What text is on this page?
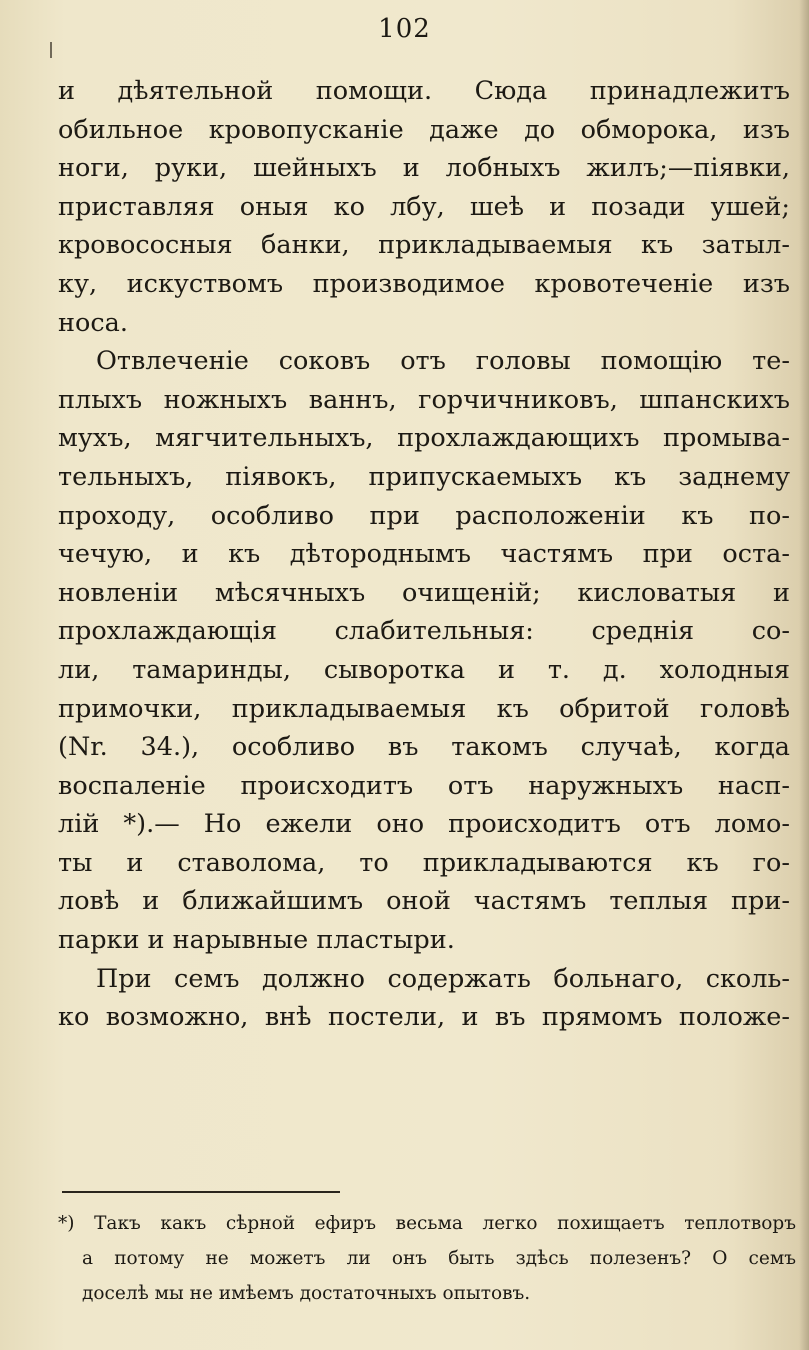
102
и дѣятельной помощи. Сюда принадлежитъ
обильное кровопусканіе даже до обморока, изъ
ноги, руки, шейныхъ и лобныхъ жилъ;—піявки,
приставляя оныя ко лбу, шеѣ и позади ушей;
кровососныя банки, прикладываемыя къ затыл-
ку, искуствомъ производимое кровотеченіе изъ
носа.
Отвлеченіе соковъ отъ головы помощію те-
плыхъ ножныхъ ваннъ, горчичниковъ, шпанскихъ
мухъ, мягчительныхъ, прохлаждающихъ промыва-
тельныхъ, піявокъ, припускаемыхъ къ заднему
проходу, особливо при расположеніи къ по-
чечую, и къ дѣтороднымъ частямъ при оста-
новленіи мѣсячныхъ очищеній; кисловатыя и
прохлаждающія слабительныя: среднія со-
ли, тамаринды, сыворотка и т. д. холодныя
примочки, прикладываемыя къ обритой головѣ
(Nr. 34.), особливо въ такомъ случаѣ, когда
воспаленіе происходитъ отъ наружныхъ насп-
лій *).— Но ежели оно происходитъ отъ ломо-
ты и ставолома, то прикладываются къ го-
ловѣ и ближайшимъ оной частямъ теплыя при-
парки и нарывные пластыри.
При семъ должно содержать больнаго, сколь-
ко возможно, внѣ постели, и въ прямомъ положе-
*) Такъ какъ сѣрной ефиръ весьма легко похищаетъ теплотворъ
а потому не можетъ ли онъ быть здѣсь полезенъ? О семъ
доселѣ мы не имѣемъ достаточныхъ опытовъ.
